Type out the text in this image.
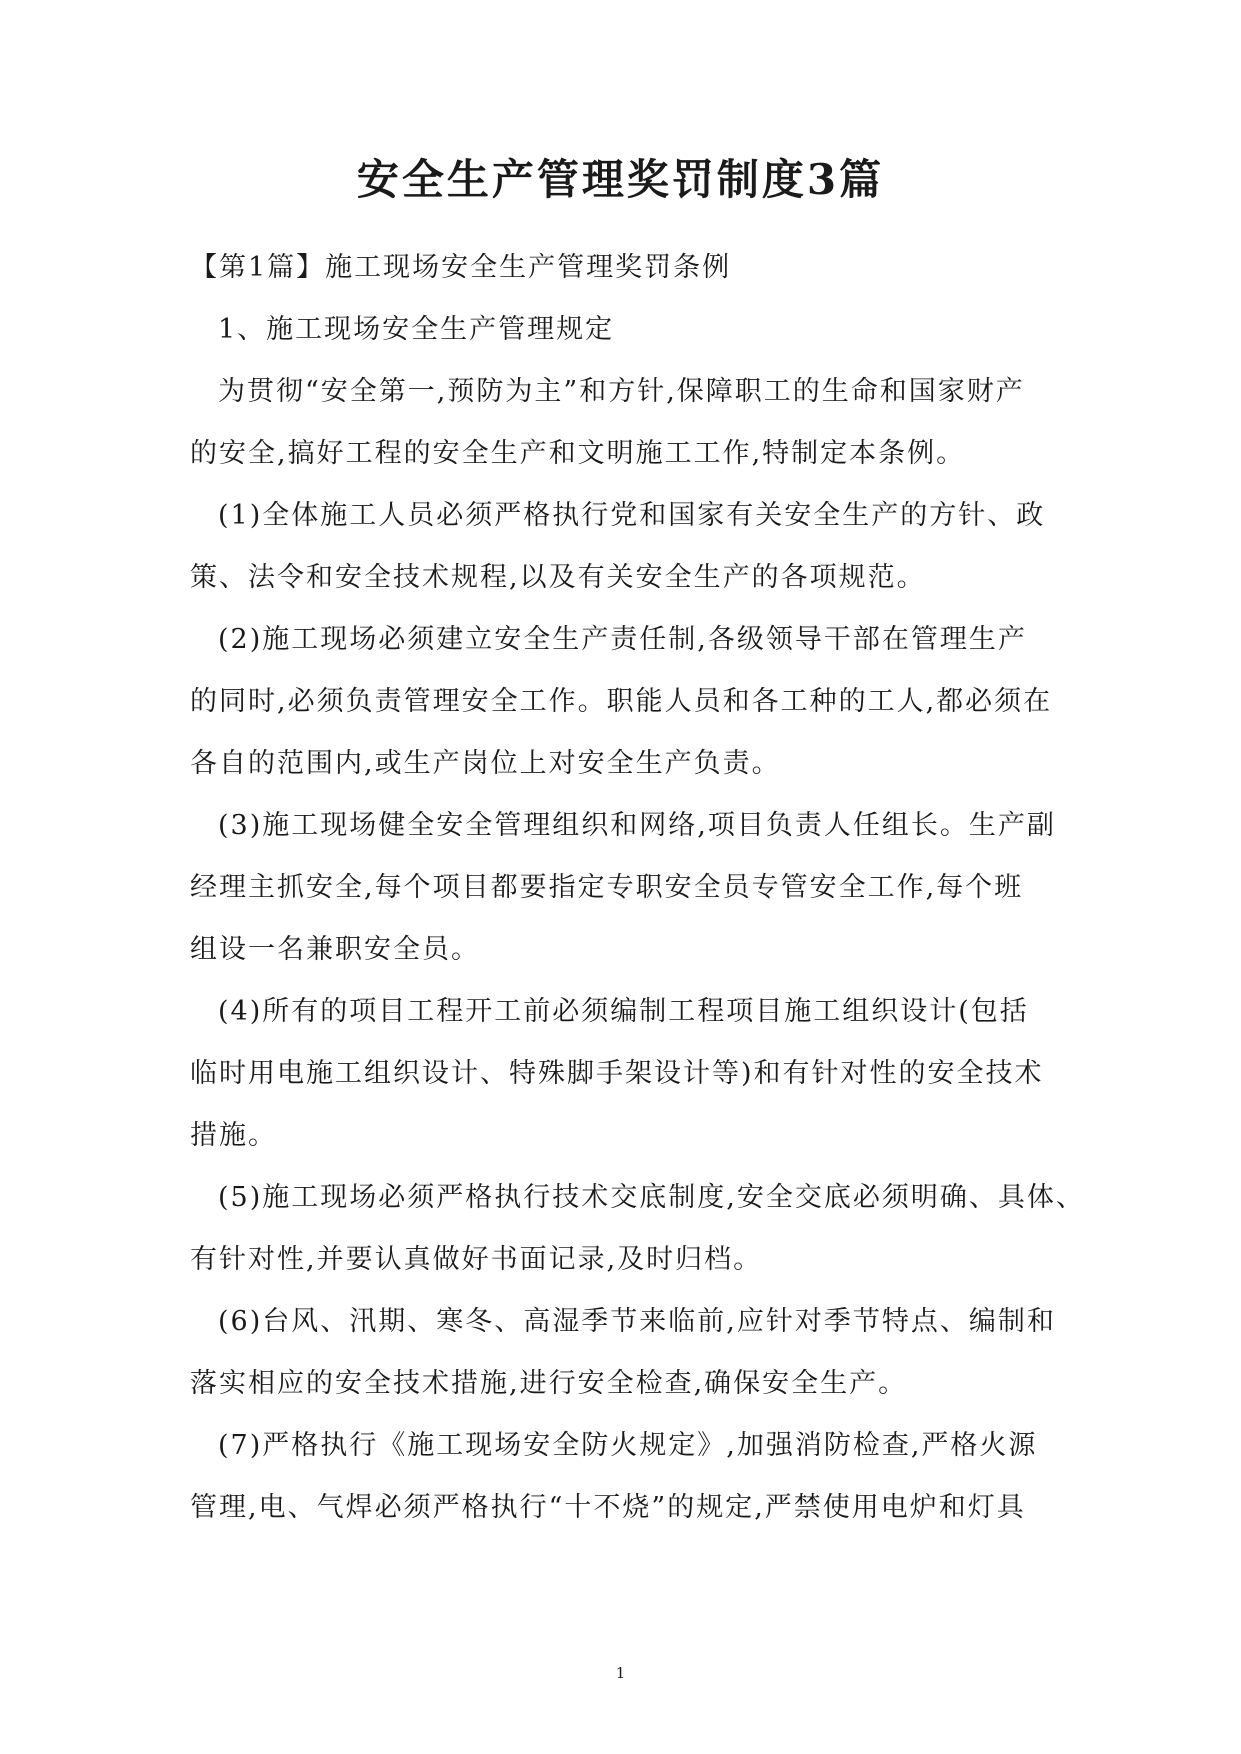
安全生产管理奖罚制度3篇
【第1篇】施工现场安全生产管理奖罚条例
1、施工现场安全生产管理规定
为贯彻“安全第一,预防为主”和方针,保障职工的生命和国家财产
的安全,搞好工程的安全生产和文明施工工作,特制定本条例。
(1)全体施工人员必须严格执行党和国家有关安全生产的方针、政
策、法令和安全技术规程,以及有关安全生产的各项规范。
(2)施工现场必须建立安全生产责任制,各级领导干部在管理生产
的同时,必须负责管理安全工作。职能人员和各工种的工人,都必须在
各自的范围内,或生产岗位上对安全生产负责。
(3)施工现场健全安全管理组织和网络,项目负责人任组长。生产副
经理主抓安全,每个项目都要指定专职安全员专管安全工作,每个班
组设一名兼职安全员。
(4)所有的项目工程开工前必须编制工程项目施工组织设计(包括
临时用电施工组织设计、特殊脚手架设计等)和有针对性的安全技术
措施。
(5)施工现场必须严格执行技术交底制度,安全交底必须明确、具体、
有针对性,并要认真做好书面记录,及时归档。
(6)台风、汛期、寒冬、高湿季节来临前,应针对季节特点、编制和
落实相应的安全技术措施,进行安全检查,确保安全生产。
(7)严格执行《施工现场安全防火规定》,加强消防检查,严格火源
管理,电、气焊必须严格执行“十不烧”的规定,严禁使用电炉和灯具
1
